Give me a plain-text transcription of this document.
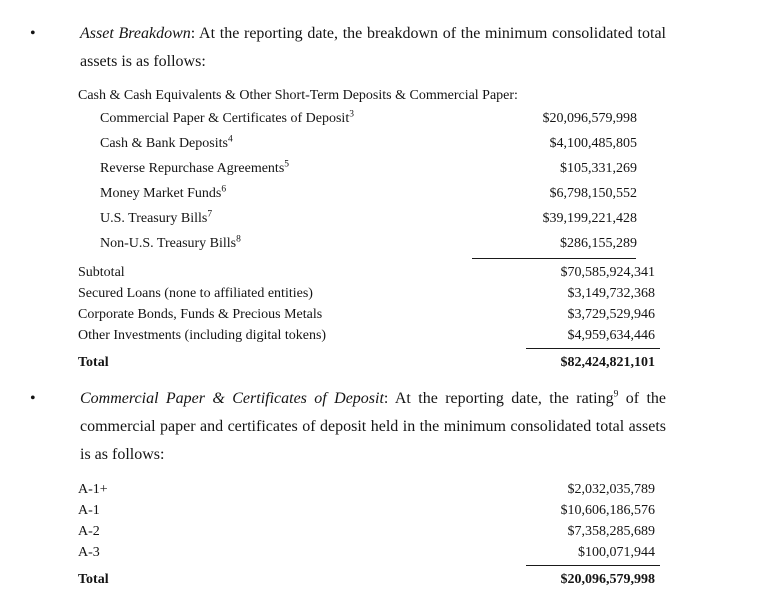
•	Asset Breakdown: At the reporting date, the breakdown of the minimum consolidated total assets is as follows:

Cash & Cash Equivalents & Other Short-Term Deposits & Commercial Paper:
Commercial Paper & Certificates of Deposit$^3$	$20,096,579,998
Cash & Bank Deposits$^4$	$4,100,485,805
Reverse Repurchase Agreements$^5$	$105,331,269
Money Market Funds$^6$	$6,798,150,552
U.S. Treasury Bills$^7$	$39,199,221,428
Non-U.S. Treasury Bills$^8$	$286,155,289
Subtotal	$70,585,924,341
Secured Loans (none to affiliated entities)	$3,149,732,368
Corporate Bonds, Funds & Precious Metals	$3,729,529,946
Other Investments (including digital tokens)	$4,959,634,446
Total	$82,424,821,101
•	Commercial Paper & Certificates of Deposit: At the reporting date, the rating$^9$ of the commercial paper and certificates of deposit held in the minimum consolidated total assets is as follows:

A-1+	$2,032,035,789
A-1	$10,606,186,576
A-2	$7,358,285,689
A-3	$100,071,944
Total	$20,096,579,998
